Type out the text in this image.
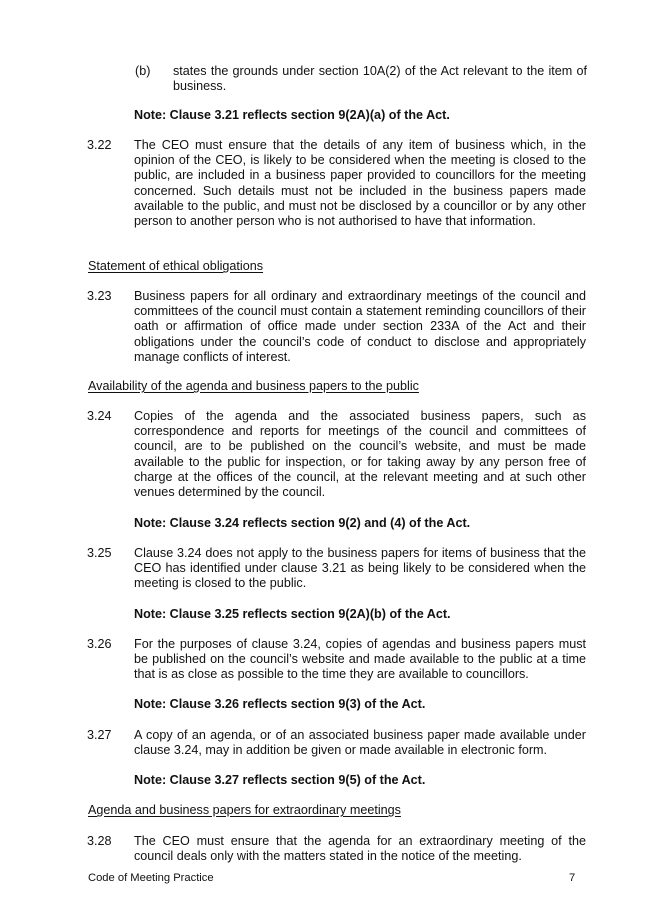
(b)	states the grounds under section 10A(2) of the Act relevant to the item of business.
Note: Clause 3.21 reflects section 9(2A)(a) of the Act.
3.22	The CEO must ensure that the details of any item of business which, in the opinion of the CEO, is likely to be considered when the meeting is closed to the public, are included in a business paper provided to councillors for the meeting concerned. Such details must not be included in the business papers made available to the public, and must not be disclosed by a councillor or by any other person to another person who is not authorised to have that information.
Statement of ethical obligations
3.23	Business papers for all ordinary and extraordinary meetings of the council and committees of the council must contain a statement reminding councillors of their oath or affirmation of office made under section 233A of the Act and their obligations under the council’s code of conduct to disclose and appropriately manage conflicts of interest.
Availability of the agenda and business papers to the public
3.24	Copies of the agenda and the associated business papers, such as correspondence and reports for meetings of the council and committees of council, are to be published on the council’s website, and must be made available to the public for inspection, or for taking away by any person free of charge at the offices of the council, at the relevant meeting and at such other venues determined by the council.
Note: Clause 3.24 reflects section 9(2) and (4) of the Act.
3.25	Clause 3.24 does not apply to the business papers for items of business that the CEO has identified under clause 3.21 as being likely to be considered when the meeting is closed to the public.
Note: Clause 3.25 reflects section 9(2A)(b) of the Act.
3.26	For the purposes of clause 3.24, copies of agendas and business papers must be published on the council’s website and made available to the public at a time that is as close as possible to the time they are available to councillors.
Note: Clause 3.26 reflects section 9(3) of the Act.
3.27	A copy of an agenda, or of an associated business paper made available under clause 3.24, may in addition be given or made available in electronic form.
Note: Clause 3.27 reflects section 9(5) of the Act.
Agenda and business papers for extraordinary meetings
3.28	The CEO must ensure that the agenda for an extraordinary meeting of the council deals only with the matters stated in the notice of the meeting.
Code of Meeting Practice	7
